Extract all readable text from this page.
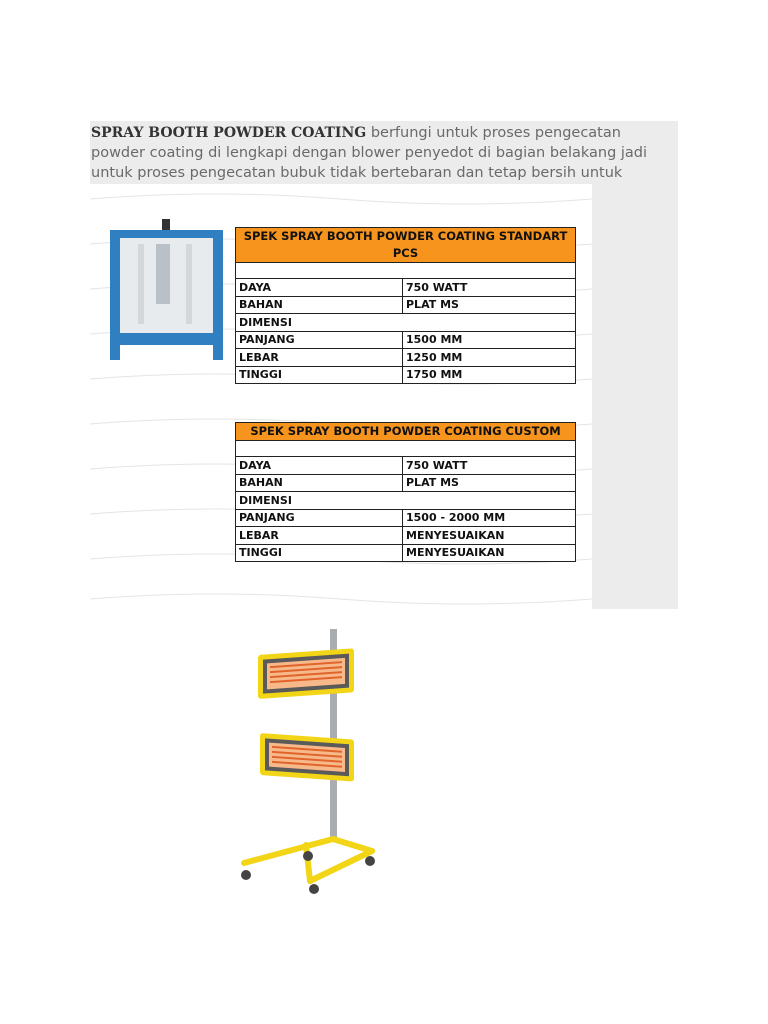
SPRAY BOOTH POWDER COATING berfungi untuk proses pengecatan powder coating di lengkapi dengan blower penyedot di bagian belakang jadi untuk proses pengecatan bubuk tidak bertebaran dan tetap bersih untuk
SPEK SPRAY BOOTH POWDER COATING STANDART PCS	

DAYA	750 WATT
BAHAN	PLAT MS
DIMENSI	
PANJANG	1500 MM
LEBAR	1250 MM
TINGGI	1750 MM
SPEK SPRAY BOOTH POWDER COATING CUSTOM	

DAYA	750 WATT
BAHAN	PLAT MS
DIMENSI	
PANJANG	1500 - 2000 MM
LEBAR	MENYESUAIKAN
TINGGI	MENYESUAIKAN
